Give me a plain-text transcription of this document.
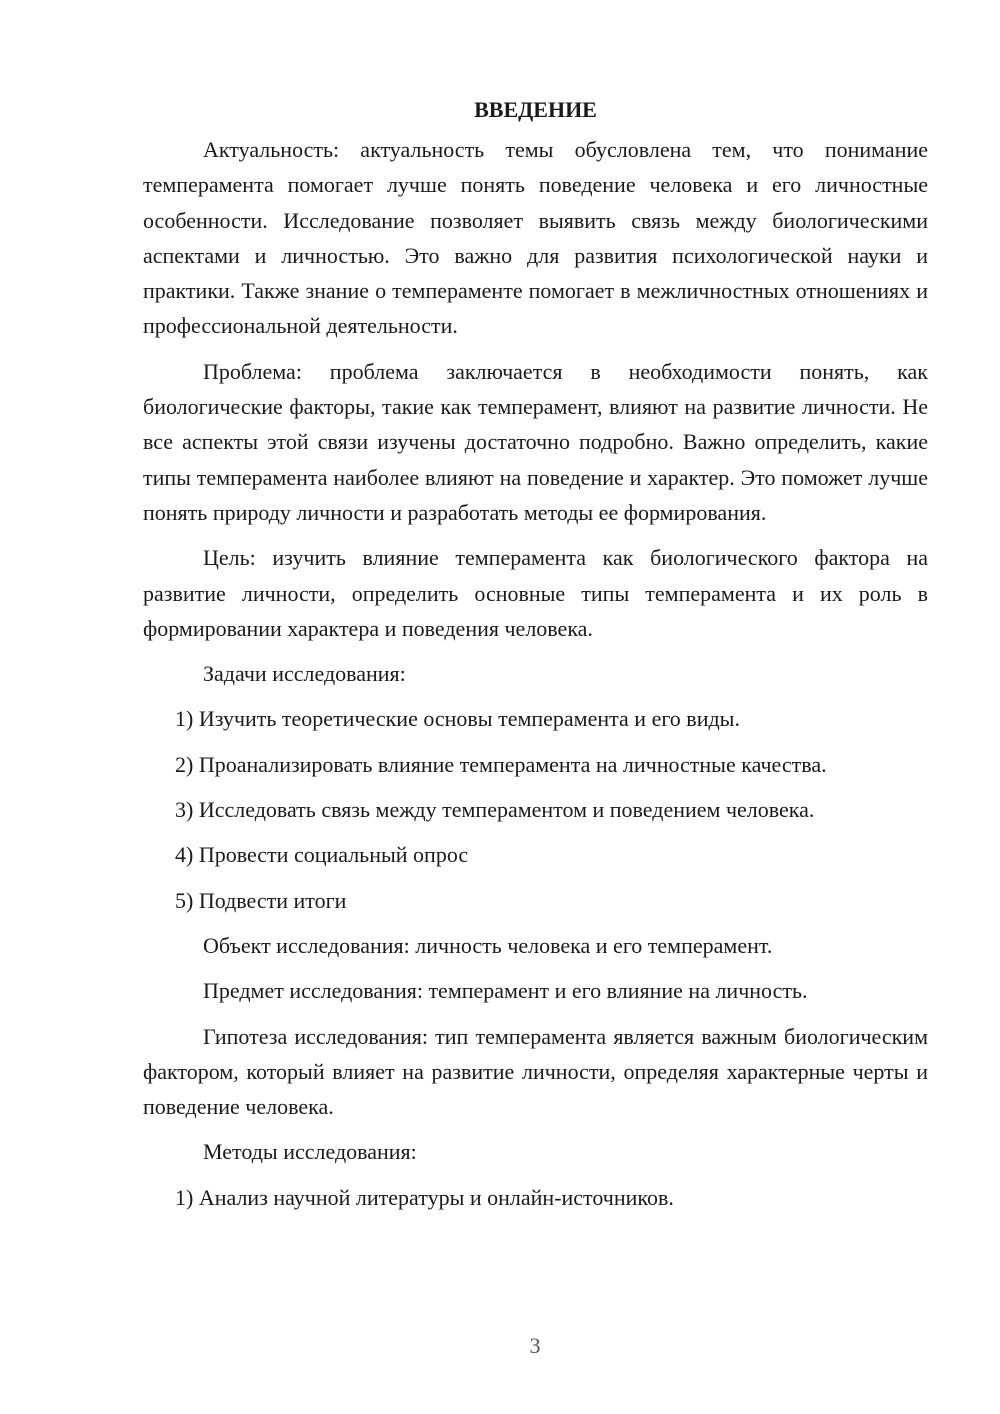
ВВЕДЕНИЕ

Актуальность: актуальность темы обусловлена тем, что понимание темперамента помогает лучше понять поведение человека и его личностные особенности. Исследование позволяет выявить связь между биологическими аспектами и личностью. Это важно для развития психологической науки и практики. Также знание о темпераменте помогает в межличностных отношениях и профессиональной деятельности.

Проблема: проблема заключается в необходимости понять, как биологические факторы, такие как темперамент, влияют на развитие личности. Не все аспекты этой связи изучены достаточно подробно. Важно определить, какие типы темперамента наиболее влияют на поведение и характер. Это поможет лучше понять природу личности и разработать методы ее формирования.

Цель: изучить влияние темперамента как биологического фактора на развитие личности, определить основные типы темперамента и их роль в формировании характера и поведения человека.

Задачи исследования:

1) Изучить теоретические основы темперамента и его виды.

2) Проанализировать влияние темперамента на личностные качества.

3) Исследовать связь между темпераментом и поведением человека.

4) Провести социальный опрос

5) Подвести итоги

Объект исследования: личность человека и его темперамент.

Предмет исследования: темперамент и его влияние на личность.

Гипотеза исследования: тип темперамента является важным биологическим фактором, который влияет на развитие личности, определяя характерные черты и поведение человека.

Методы исследования:

1) Анализ научной литературы и онлайн-источников.

3
